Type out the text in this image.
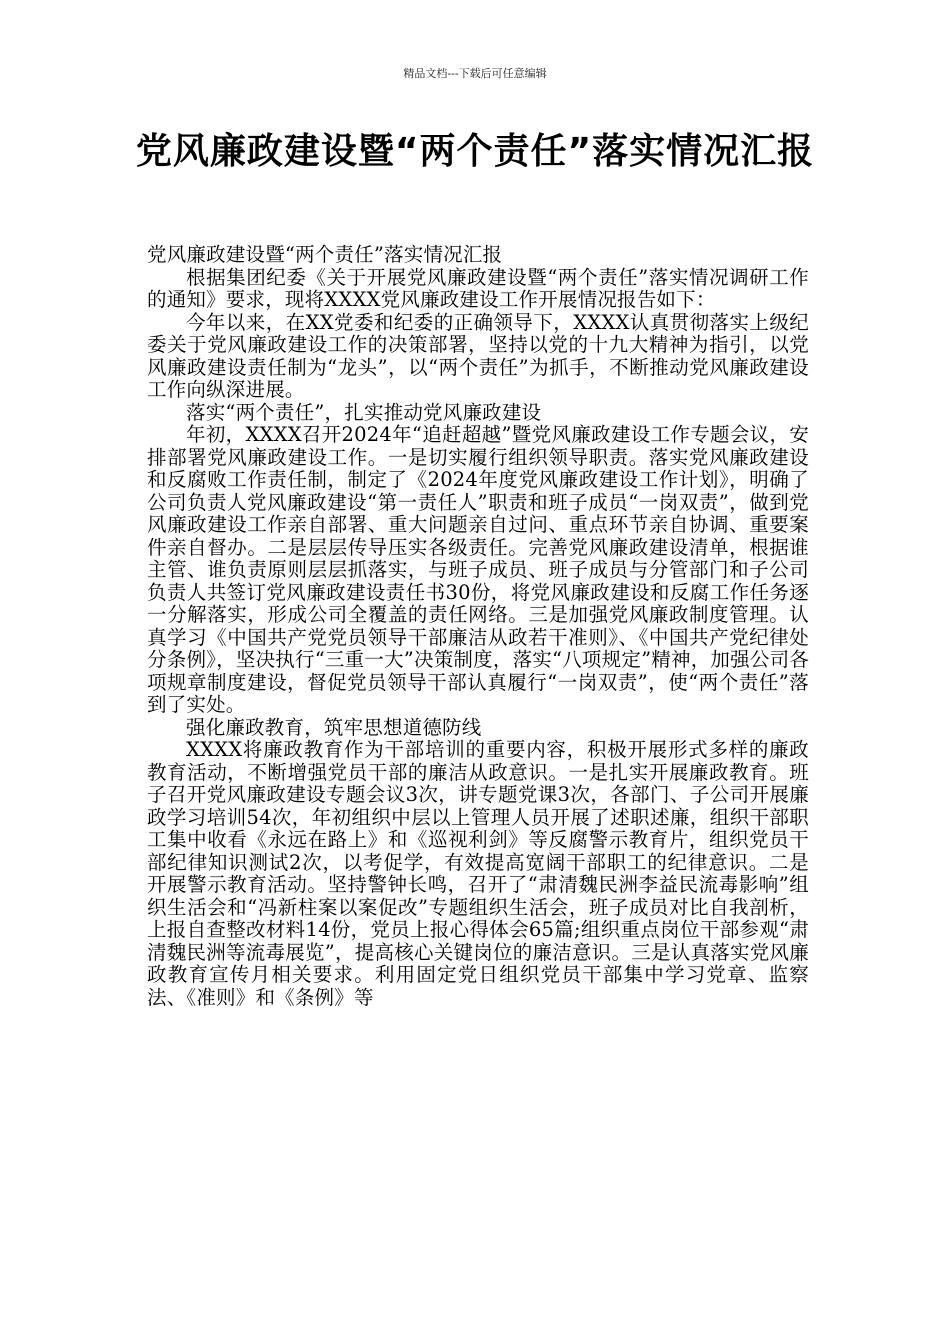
精品文档---下载后可任意编辑
党风廉政建设暨“两个责任”落实情况汇报

党风廉政建设暨“两个责任”落实情况汇报

根据集团纪委《关于开展党风廉政建设暨“两个责任”落实情况调研工作的通知》要求，现将XXXX党风廉政建设工作开展情况报告如下：

今年以来，在XX党委和纪委的正确领导下，XXXX认真贯彻落实上级纪委关于党风廉政建设工作的决策部署，坚持以党的十九大精神为指引，以党风廉政建设责任制为“龙头”，以“两个责任”为抓手，不断推动党风廉政建设工作向纵深进展。

落实“两个责任”，扎实推动党风廉政建设

年初，XXXX召开2024年“追赶超越”暨党风廉政建设工作专题会议，安排部署党风廉政建设工作。一是切实履行组织领导职责。落实党风廉政建设和反腐败工作责任制，制定了《2024年度党风廉政建设工作计划》，明确了公司负责人党风廉政建设“第一责任人”职责和班子成员“一岗双责”，做到党风廉政建设工作亲自部署、重大问题亲自过问、重点环节亲自协调、重要案件亲自督办。二是层层传导压实各级责任。完善党风廉政建设清单，根据谁主管、谁负责原则层层抓落实，与班子成员、班子成员与分管部门和子公司负责人共签订党风廉政建设责任书30份，将党风廉政建设和反腐工作任务逐一分解落实，形成公司全覆盖的责任网络。三是加强党风廉政制度管理。认真学习《中国共产党党员领导干部廉洁从政若干准则》、《中国共产党纪律处分条例》，坚决执行“三重一大”决策制度，落实“八项规定”精神，加强公司各项规章制度建设，督促党员领导干部认真履行“一岗双责”，使“两个责任”落到了实处。

强化廉政教育，筑牢思想道德防线

XXXX将廉政教育作为干部培训的重要内容，积极开展形式多样的廉政教育活动，不断增强党员干部的廉洁从政意识。一是扎实开展廉政教育。班子召开党风廉政建设专题会议3次，讲专题党课3次，各部门、子公司开展廉政学习培训54次，年初组织中层以上管理人员开展了述职述廉，组织干部职工集中收看《永远在路上》和《巡视利剑》等反腐警示教育片，组织党员干部纪律知识测试2次，以考促学，有效提高宽阔干部职工的纪律意识。二是开展警示教育活动。坚持警钟长鸣，召开了“肃清魏民洲李益民流毒影响”组织生活会和“冯新柱案以案促改”专题组织生活会，班子成员对比自我剖析，上报自查整改材料14份，党员上报心得体会65篇;组织重点岗位干部参观“肃清魏民洲等流毒展览”，提高核心关键岗位的廉洁意识。三是认真落实党风廉政教育宣传月相关要求。利用固定党日组织党员干部集中学习党章、监察法、《准则》和《条例》等
